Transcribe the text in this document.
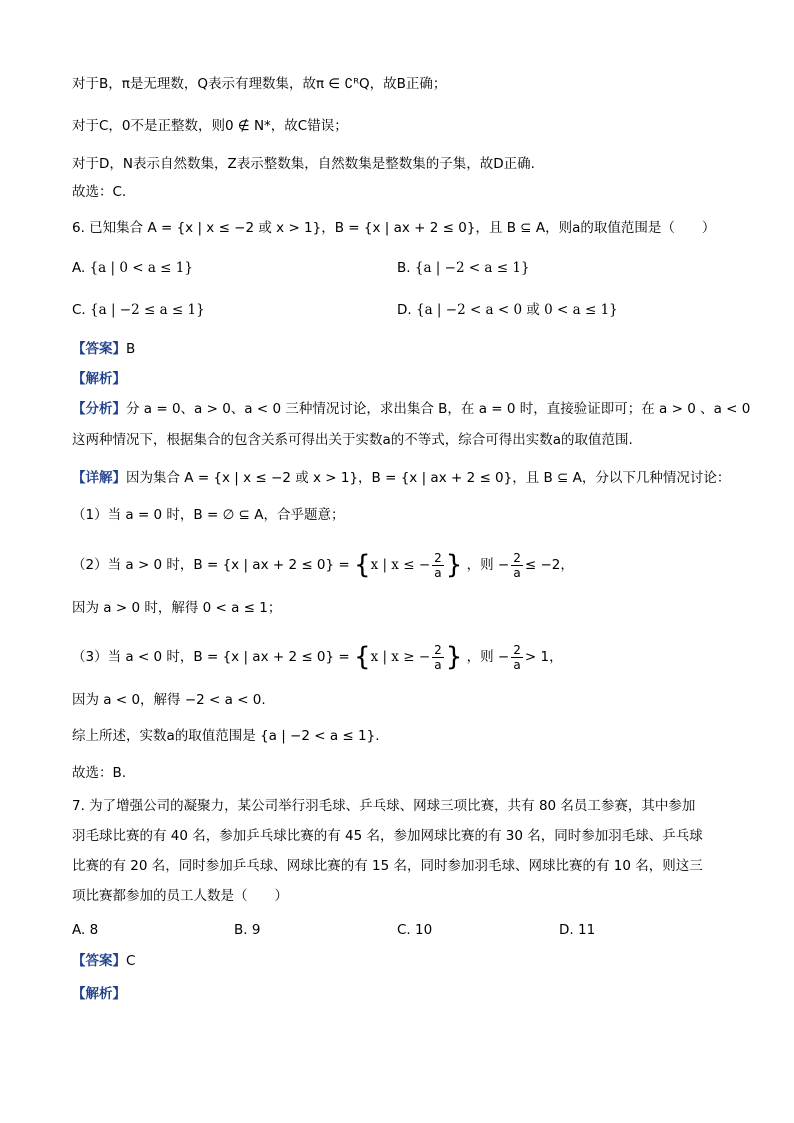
对于B，π是无理数，Q表示有理数集，故π ∈ ∁ᴿQ，故B正确；
对于C，0不是正整数，则0 ∉ N*，故C错误；
对于D，N表示自然数集，Z表示整数集，自然数集是整数集的子集，故D正确.
故选：C.
6. 已知集合 A = {x | x ≤ −2 或 x > 1}，B = {x | ax + 2 ≤ 0}，且 B ⊆ A，则a的取值范围是（　　）
A. {a | 0 < a ≤ 1}	B. {a | −2 < a ≤ 1}
C. {a | −2 ≤ a ≤ 1}	D. {a | −2 < a < 0 或 0 < a ≤ 1}
【答案】B
【解析】
【分析】分 a = 0、a > 0、a < 0 三种情况讨论，求出集合 B，在 a = 0 时，直接验证即可；在 a > 0 、a < 0
这两种情况下，根据集合的包含关系可得出关于实数a的不等式，综合可得出实数a的取值范围.
【详解】因为集合 A = {x | x ≤ −2 或 x > 1}，B = {x | ax + 2 ≤ 0}，且 B ⊆ A，分以下几种情况讨论：
（1）当 a = 0 时，B = ∅ ⊆ A，合乎题意；
（2）当 a > 0 时，B = {x | ax + 2 ≤ 0} = {x | x ≤ − $\frac{2}{a}$ } ，则 − $\frac{2}{a} \le -2$，
因为 a > 0 时，解得 0 < a ≤ 1；
（3）当 a < 0 时，B = {x | ax + 2 ≤ 0} = {x | x ≥ − $\frac{2}{a}$ } ，则 − $\frac{2}{a} > 1$，
因为 a < 0，解得 −2 < a < 0.
综上所述，实数a的取值范围是 {a | −2 < a ≤ 1}.
故选：B.
7. 为了增强公司的凝聚力，某公司举行羽毛球、乒乓球、网球三项比赛，共有 80 名员工参赛，其中参加
羽毛球比赛的有 40 名，参加乒乓球比赛的有 45 名，参加网球比赛的有 30 名，同时参加羽毛球、乒乓球
比赛的有 20 名，同时参加乒乓球、网球比赛的有 15 名，同时参加羽毛球、网球比赛的有 10 名，则这三
项比赛都参加的员工人数是（　　）
A. 8	B. 9	C. 10	D. 11
【答案】C
【解析】
